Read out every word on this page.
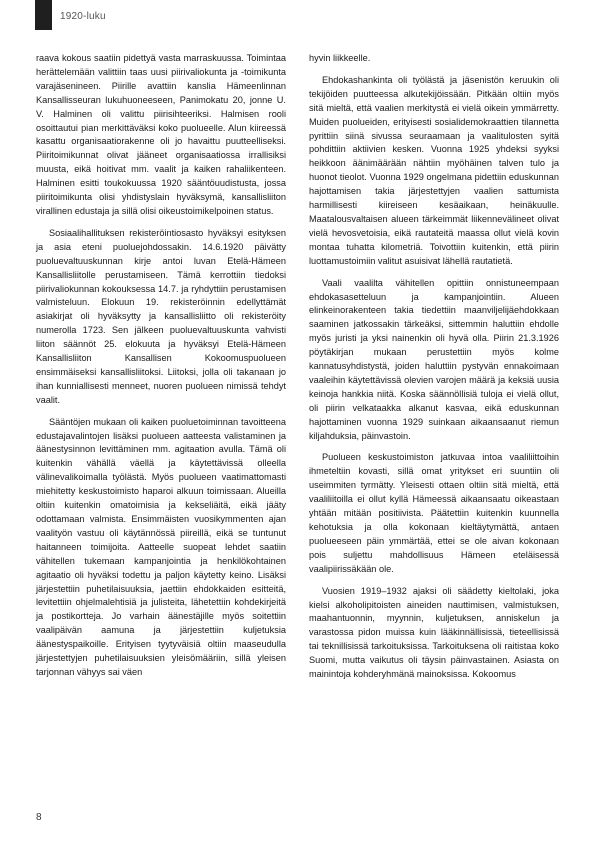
1920-luku

raava kokous saatiin pidettyä vasta marraskuussa. Toimintaa herättelemään valittiin taas uusi piirivaliokunta ja -toimikunta varajäsenineen. Piirille avattiin kanslia Hämeenlinnan Kansallisseuran lukuhuoneeseen, Panimokatu 20, jonne U. V. Halminen oli valittu piirisihteeriksi. Halmisen rooli osoittautui pian merkittäväksi koko puolueelle. Alun kiireessä kasattu organisaatiorakenne oli jo havaittu puutteelliseksi. Piiritoimikunnat olivat jääneet organisaatiossa irrallisiksi muusta, eikä hoitivat mm. vaalit ja kaiken rahaliikenteen. Halminen esitti toukokuussa 1920 sääntöuudistusta, jossa piiritoimikunta olisi yhdistyslain hyväksymä, kansallisliiton virallinen edustaja ja sillä olisi oikeustoimikelpoinen status.

Sosiaalihallituksen rekisteröintiosasto hyväksyi esityksen ja asia eteni puoluejohdossakin. 14.6.1920 päivätty puoluevaltuuskunnan kirje antoi luvan Etelä-Hämeen Kansallisliitolle perustamiseen. Tämä kerrottiin tiedoksi piirivaliokunnan kokouksessa 14.7. ja ryhdyttiin perustamisen valmisteluun. Elokuun 19. rekisteröinnin edellyttämät asiakirjat oli hyväksytty ja kansallisliitto oli rekisteröity numerolla 1723. Sen jälkeen puoluevaltuuskunta vahvisti liiton säännöt 25. elokuuta ja hyväksyi Etelä-Hämeen Kansallisliiton Kansallisen Kokoomuspuolueen ensimmäiseksi kansallisliitoksi. Liitoksi, jolla oli takanaan jo ihan kunniallisesti menneet, nuoren puolueen nimissä tehdyt vaalit.

Sääntöjen mukaan oli kaiken puoluetoiminnan tavoitteena edustajavalintojen lisäksi puolueen aatteesta valistaminen ja äänestysinnon levittäminen mm. agitaation avulla. Tämä oli kuitenkin vähällä väellä ja käytettävissä olleella välinevalikoimalla työlästä. Myös puolueen vaatimattomasti miehitetty keskustoimisto haparoi alkuun toimissaan. Alueilla oltiin kuitenkin omatoimisia ja kekseliäitä, eikä jääty odottamaan valmista. Ensimmäisten vuosikymmenten ajan vaalityön vastuu oli käytännössä piireillä, eikä se tuntunut haitanneen toimijoita. Aatteelle suopeat lehdet saatiin vähitellen tukemaan kampanjointia ja henkilökohtainen agitaatio oli hyväksi todettu ja paljon käytetty keino. Lisäksi järjestettiin puhetilaisuuksia, jaettiin ehdokkaiden esitteitä, levitettiin ohjelmalehtisiä ja julisteita, lähetettiin kohdekirjeitä ja postikortteja. Jo varhain äänestäjille myös soitettiin vaalipäivän aamuna ja järjestettiin kuljetuksia äänestyspaikoille. Erityisen tyytyväisiä oltiin maaseudulla järjestettyjen puhetilaisuuksien yleisömääriin, sillä yleisen tarjonnan vähyys sai väen

hyvin liikkeelle.

Ehdokashankinta oli työlästä ja jäsenistön keruukin oli tekijöiden puutteessa alkutekijöissään. Pitkään oltiin myös sitä mieltä, että vaalien merkitystä ei vielä oikein ymmärretty. Muiden puolueiden, erityisesti sosialidemokraattien tilannetta pyrittiin siinä sivussa seuraamaan ja vaalitulosten syitä pohdittiin aktiivien kesken. Vuonna 1925 yhdeksi syyksi heikkoon äänimäärään nähtiin myöhäinen talven tulo ja huonot tieolot. Vuonna 1929 ongelmana pidettiin eduskunnan hajottamisen takia järjestettyjen vaalien sattumista harmillisesti kiireiseen kesäaikaan, heinäkuulle. Maatalousvaltaisen alueen tärkeimmät liikennevälineet olivat vielä hevosvetoisia, eikä rautateitä maassa ollut vielä kovin montaa tuhatta kilometriä. Toivottiin kuitenkin, että piirin luottamustoimiin valitut asuisivat lähellä rautatietä.

Vaali vaalilta vähitellen opittiin onnistuneempaan ehdokasasetteluun ja kampanjointiin. Alueen elinkeinorakenteen takia tiedettiin maanviljelijäehdokkaan saaminen jatkossakin tärkeäksi, sittemmin haluttiin ehdolle myös juristi ja yksi nainenkin oli hyvä olla. Piirin 21.3.1926 pöytäkirjan mukaan perustettiin myös kolme kannatusyhdistystä, joiden haluttiin pystyvän ennakoimaan vaaleihin käytettävissä olevien varojen määrä ja keksiä uusia keinoja hankkia niitä. Koska säännöllisiä tuloja ei vielä ollut, oli piirin velkataakka alkanut kasvaa, eikä eduskunnan hajottaminen vuonna 1929 suinkaan aikaansaanut riemun kiljahduksia, päinvastoin.

Puolueen keskustoimiston jatkuvaa intoa vaaliliittoihin ihmeteltiin kovasti, sillä omat yritykset eri suuntiin oli useimmiten tyrmätty. Yleisesti ottaen oltiin sitä mieltä, että vaaliliitoilla ei ollut kyllä Hämeessä aikaansaatu oikeastaan yhtään mitään positiivista. Päätettiin kuitenkin kuunnella kehotuksia ja olla kokonaan kieltäytymättä, antaen puolueeseen päin ymmärtää, ettei se ole aivan kokonaan pois suljettu mahdollisuus Hämeen eteläisessä vaalipiirissäkään ole.

Vuosien 1919–1932 ajaksi oli säädetty kieltolaki, joka kielsi alkoholipitoisten aineiden nauttimisen, valmistuksen, maahantuonnin, myynnin, kuljetuksen, anniskelun ja varastossa pidon muissa kuin lääkinnällisissä, tieteellisissä tai teknillisissä tarkoituksissa. Tarkoituksena oli raitistaa koko Suomi, mutta vaikutus oli täysin päinvastainen. Asiasta on mainintoja kohderyhmänä mainoksissa. Kokoomus

8
